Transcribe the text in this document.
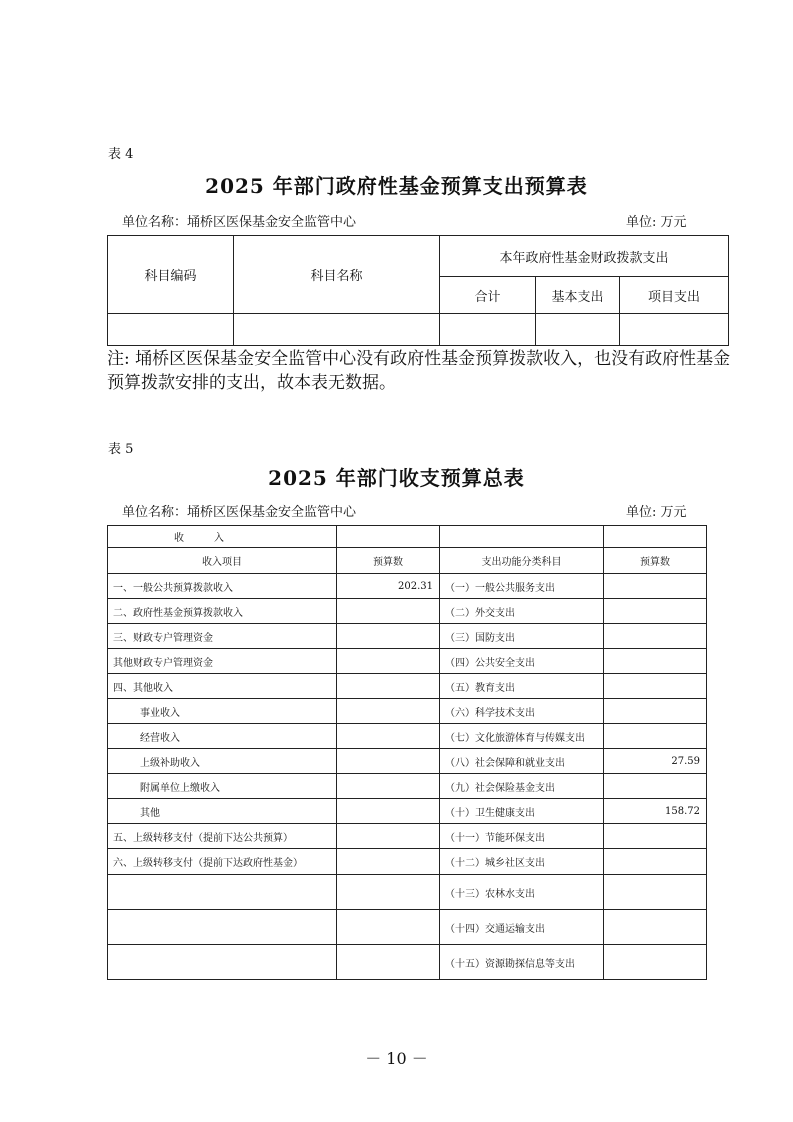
表 4
2025 年部门政府性基金预算支出预算表
单位名称：埇桥区医保基金安全监管中心	单位: 万元
科目编码	科目名称	本年政府性基金财政拨款支出		
		合计	基本支出	项目支出

注: 埇桥区医保基金安全监管中心没有政府性基金预算拨款收入，也没有政府性基金预算拨款安排的支出，故本表无数据。
表 5
2025 年部门收支预算总表
单位名称：埇桥区医保基金安全监管中心	单位: 万元
收　　　入			
收入项目	预算数	支出功能分类科目	预算数
一、一般公共预算拨款收入	202.31	（一）一般公共服务支出	
二、政府性基金预算拨款收入		（二）外交支出	
三、财政专户管理资金		（三）国防支出	
其他财政专户管理资金		（四）公共安全支出	
四、其他收入		（五）教育支出	
事业收入		（六）科学技术支出	
经营收入		（七）文化旅游体育与传媒支出	
上级补助收入		（八）社会保障和就业支出	27.59
附属单位上缴收入		（九）社会保险基金支出	
其他		（十）卫生健康支出	158.72
五、上级转移支付（提前下达公共预算）		（十一）节能环保支出	
六、上级转移支付（提前下达政府性基金）		（十二）城乡社区支出	
		（十三）农林水支出	
		（十四）交通运输支出	
		（十五）资源勘探信息等支出	
－ 10 －
